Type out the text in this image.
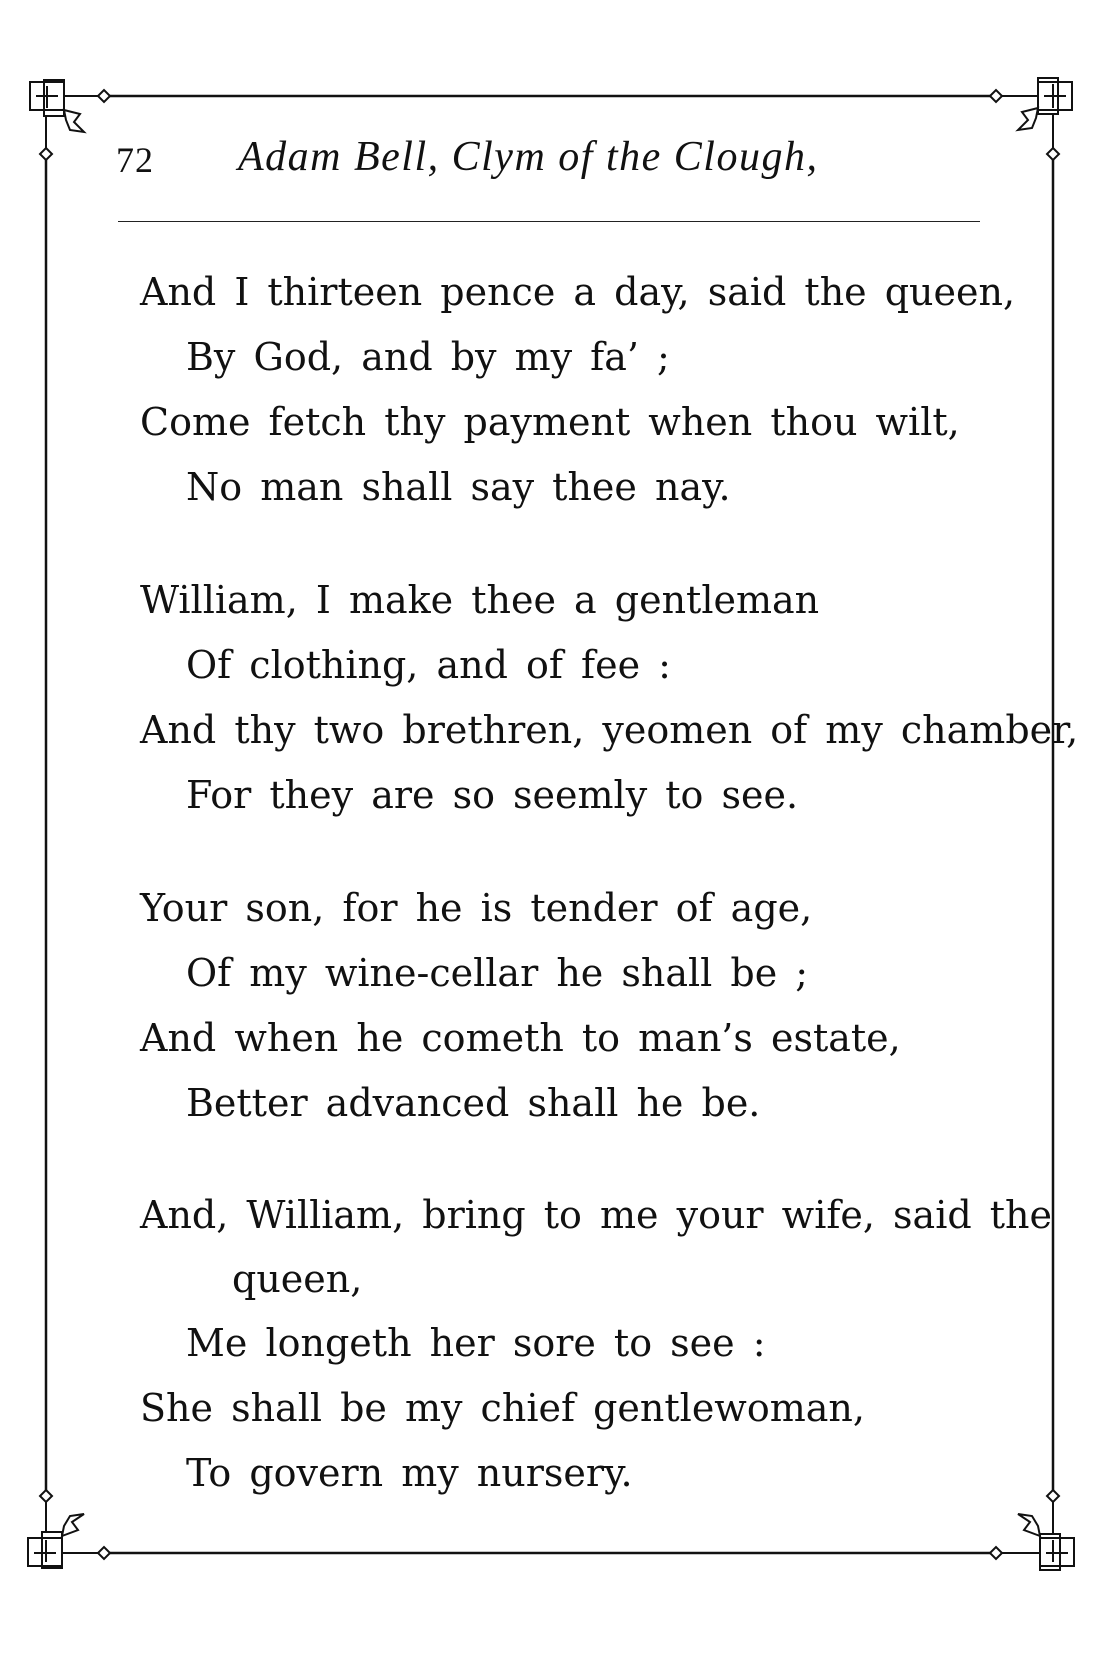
72 Adam Bell, Clym of the Clough,
And I thirteen pence a day, said the queen,
By God, and by my fa’ ;
Come fetch thy payment when thou wilt,
No man shall say thee nay.
William, I make thee a gentleman
Of clothing, and of fee :
And thy two brethren, yeomen of my chamber,
For they are so seemly to see.
Your son, for he is tender of age,
Of my wine-cellar he shall be ;
And when he cometh to man’s estate,
Better advanced shall he be.
And, William, bring to me your wife, said the
queen,
Me longeth her sore to see :
She shall be my chief gentlewoman,
To govern my nursery.
